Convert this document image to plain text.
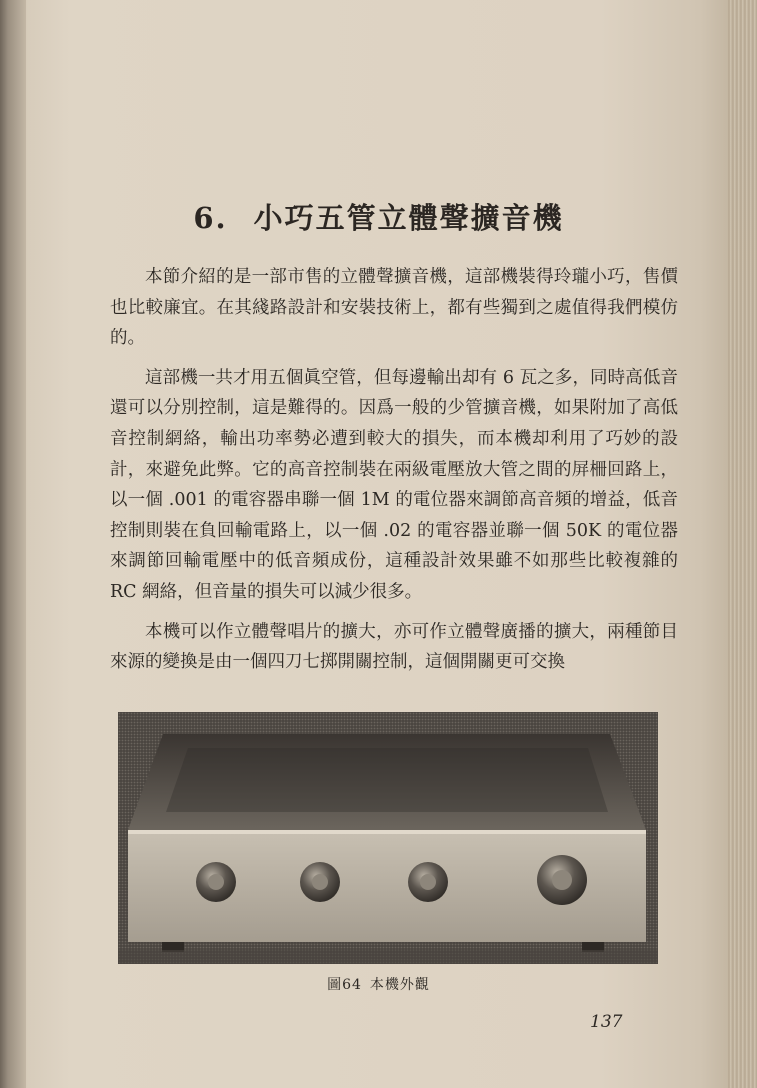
6. 小巧五管立體聲擴音機

本節介紹的是一部市售的立體聲擴音機，這部機裝得玲瓏小巧，售價也比較廉宜。在其綫路設計和安裝技術上，都有些獨到之處值得我們模仿的。

這部機一共才用五個眞空管，但每邊輸出却有 6 瓦之多，同時高低音還可以分別控制，這是難得的。因爲一般的少管擴音機，如果附加了高低音控制網絡，輸出功率勢必遭到較大的損失，而本機却利用了巧妙的設計，來避免此弊。它的高音控制裝在兩級電壓放大管之間的屏柵回路上，以一個 .001 的電容器串聯一個 1M 的電位器來調節高音頻的增益，低音控制則裝在負回輸電路上，以一個 .02 的電容器並聯一個 50K 的電位器來調節回輸電壓中的低音頻成份，這種設計效果雖不如那些比較複雜的 RC 網絡，但音量的損失可以減少很多。

本機可以作立體聲唱片的擴大，亦可作立體聲廣播的擴大，兩種節目來源的變換是由一個四刀七掷開關控制，這個開關更可交換

圖64 本機外觀
137
